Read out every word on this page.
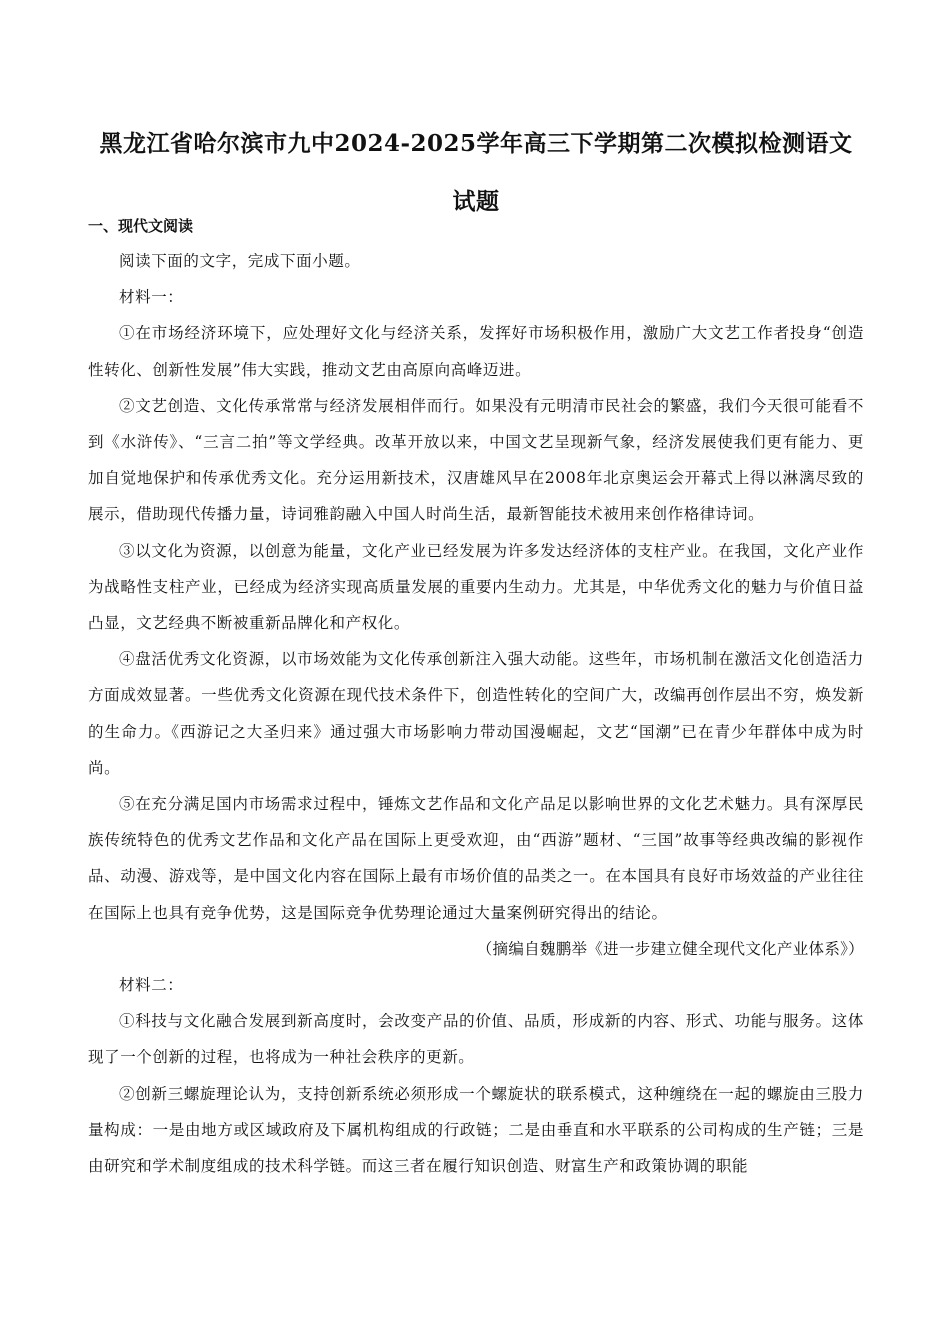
黑龙江省哈尔滨市九中2024-2025学年高三下学期第二次模拟检测语文试题
一、现代文阅读

阅读下面的文字，完成下面小题。

材料一：

①在市场经济环境下，应处理好文化与经济关系，发挥好市场积极作用，激励广大文艺工作者投身“创造性转化、创新性发展”伟大实践，推动文艺由高原向高峰迈进。

②文艺创造、文化传承常常与经济发展相伴而行。如果没有元明清市民社会的繁盛，我们今天很可能看不到《水浒传》、“三言二拍”等文学经典。改革开放以来，中国文艺呈现新气象，经济发展使我们更有能力、更加自觉地保护和传承优秀文化。充分运用新技术，汉唐雄风早在2008年北京奥运会开幕式上得以淋漓尽致的展示，借助现代传播力量，诗词雅韵融入中国人时尚生活，最新智能技术被用来创作格律诗词。

③以文化为资源，以创意为能量，文化产业已经发展为许多发达经济体的支柱产业。在我国，文化产业作为战略性支柱产业，已经成为经济实现高质量发展的重要内生动力。尤其是，中华优秀文化的魅力与价值日益凸显，文艺经典不断被重新品牌化和产权化。

④盘活优秀文化资源，以市场效能为文化传承创新注入强大动能。这些年，市场机制在激活文化创造活力方面成效显著。一些优秀文化资源在现代技术条件下，创造性转化的空间广大，改编再创作层出不穷，焕发新的生命力。《西游记之大圣归来》通过强大市场影响力带动国漫崛起，文艺“国潮”已在青少年群体中成为时尚。

⑤在充分满足国内市场需求过程中，锤炼文艺作品和文化产品足以影响世界的文化艺术魅力。具有深厚民族传统特色的优秀文艺作品和文化产品在国际上更受欢迎，由“西游”题材、“三国”故事等经典改编的影视作品、动漫、游戏等，是中国文化内容在国际上最有市场价值的品类之一。在本国具有良好市场效益的产业往往在国际上也具有竞争优势，这是国际竞争优势理论通过大量案例研究得出的结论。

（摘编自魏鹏举《进一步建立健全现代文化产业体系》）

材料二：

①科技与文化融合发展到新高度时，会改变产品的价值、品质，形成新的内容、形式、功能与服务。这体现了一个创新的过程，也将成为一种社会秩序的更新。

②创新三螺旋理论认为，支持创新系统必须形成一个螺旋状的联系模式，这种缠绕在一起的螺旋由三股力量构成：一是由地方或区域政府及下属机构组成的行政链；二是由垂直和水平联系的公司构成的生产链；三是由研究和学术制度组成的技术科学链。而这三者在履行知识创造、财富生产和政策协调的职能
